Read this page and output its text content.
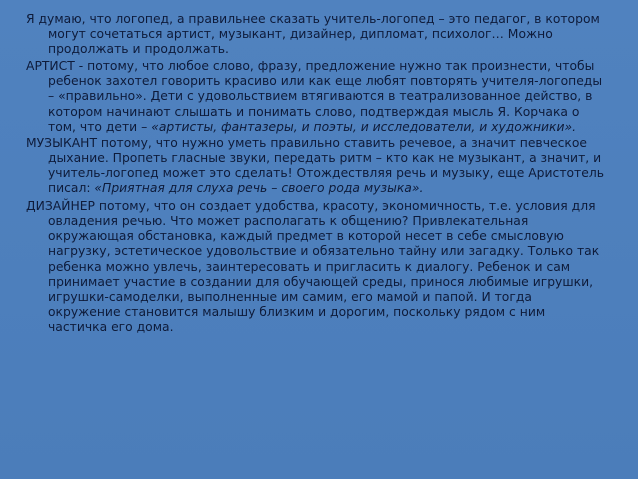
Я думаю, что логопед, а правильнее сказать учитель-логопед – это педагог, в котором могут сочетаться артист, музыкант, дизайнер, дипломат, психолог… Можно продолжать и продолжать.

АРТИСТ - потому, что любое слово, фразу, предложение нужно так произнести, чтобы ребенок захотел говорить красиво или как еще любят повторять учителя-логопеды – «правильно». Дети с удовольствием втягиваются в театрализованное действо, в котором начинают слышать и понимать слово, подтверждая мысль Я. Корчака о том, что дети – «артисты, фантазеры, и поэты, и исследователи, и художники».

МУЗЫКАНТ потому, что нужно уметь правильно ставить речевое, а значит певческое дыхание. Пропеть гласные звуки, передать ритм – кто как не музыкант, а значит, и учитель-логопед может это сделать! Отождествляя речь и музыку, еще Аристотель писал: «Приятная для слуха речь – своего рода музыка».

ДИЗАЙНЕР потому, что он создает удобства, красоту, экономичность, т.е. условия для овладения речью. Что может располагать к общению? Привлекательная окружающая обстановка, каждый предмет в которой несет в себе смысловую нагрузку, эстетическое удовольствие и обязательно тайну или загадку. Только так ребенка можно увлечь, заинтересовать и пригласить к диалогу. Ребенок и сам принимает участие в создании для обучающей среды, принося любимые игрушки, игрушки-самоделки, выполненные им самим, его мамой и папой. И тогда окружение становится малышу близким и дорогим, поскольку рядом с ним частичка его дома.
